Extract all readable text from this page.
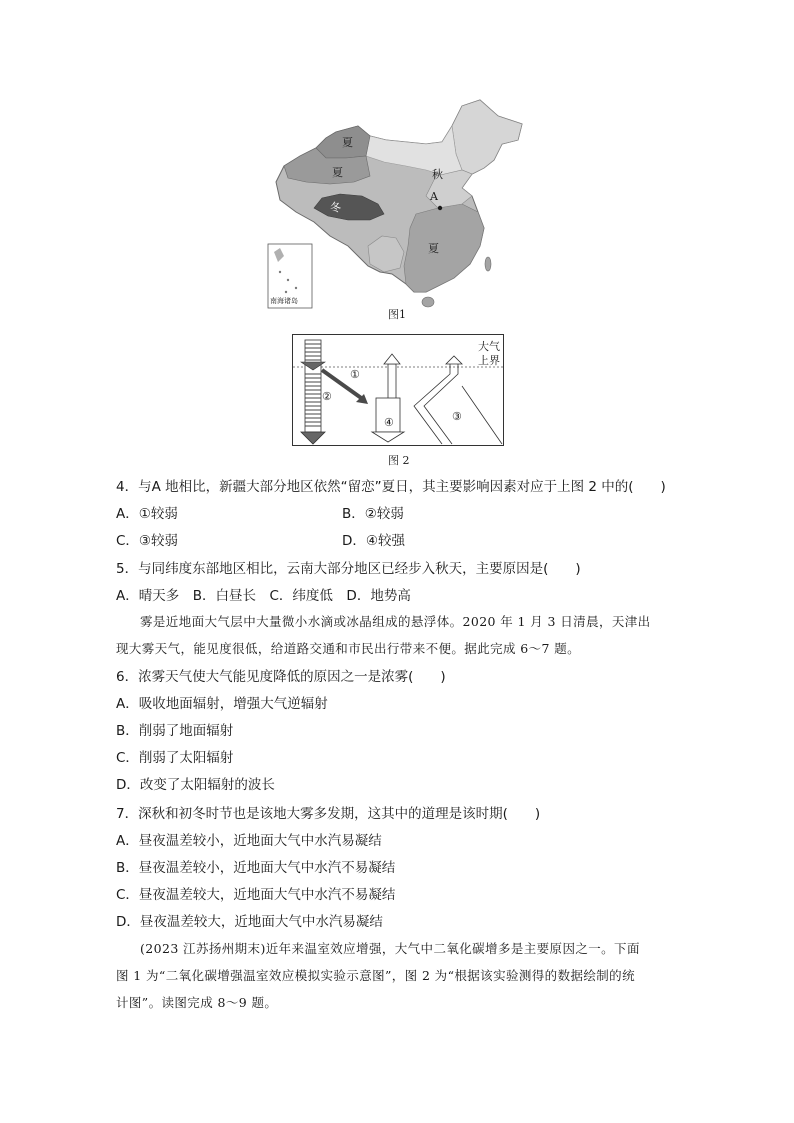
夏
夏
冬
秋
A
夏
南海诸岛
图1
大气
上界
①
②
③
④
图 2
4．与A 地相比，新疆大部分地区依然“留恋”夏日，其主要影响因素对应于上图 2 中的(　　)
A．①较弱	B．②较弱
C．③较弱	D．④较强
5．与同纬度东部地区相比，云南大部分地区已经步入秋天，主要原因是(　　)
A．晴天多　B．白昼长　C．纬度低　D．地势高
雾是近地面大气层中大量微小水滴或冰晶组成的悬浮体。2020 年 1 月 3 日清晨，天津出
现大雾天气，能见度很低，给道路交通和市民出行带来不便。据此完成 6～7 题。
6．浓雾天气使大气能见度降低的原因之一是浓雾(　　)
A．吸收地面辐射，增强大气逆辐射
B．削弱了地面辐射
C．削弱了太阳辐射
D．改变了太阳辐射的波长
7．深秋和初冬时节也是该地大雾多发期，这其中的道理是该时期(　　)
A．昼夜温差较小，近地面大气中水汽易凝结
B．昼夜温差较小，近地面大气中水汽不易凝结
C．昼夜温差较大，近地面大气中水汽不易凝结
D．昼夜温差较大，近地面大气中水汽易凝结
(2023 江苏扬州期末)近年来温室效应增强，大气中二氧化碳增多是主要原因之一。下面
图 1 为“二氧化碳增强温室效应模拟实验示意图”，图 2 为“根据该实验测得的数据绘制的统
计图”。读图完成 8～9 题。
